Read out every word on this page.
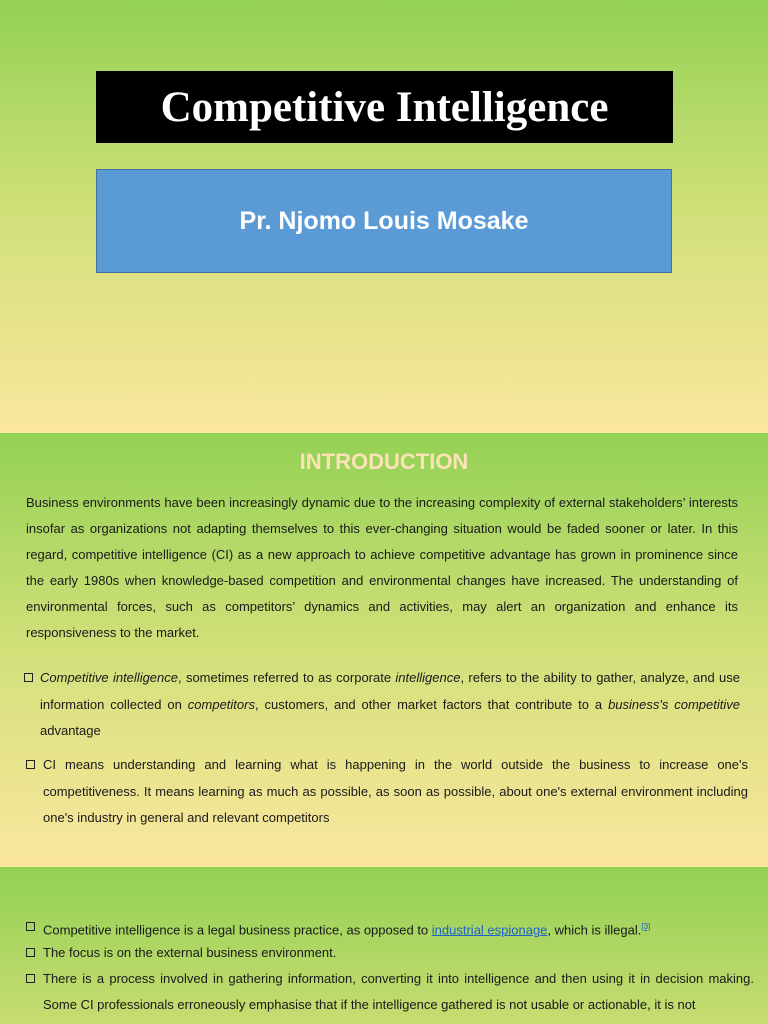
Competitive Intelligence
Pr. Njomo Louis Mosake
INTRODUCTION
Business environments have been increasingly dynamic due to the increasing complexity of external stakeholders’ interests insofar as organizations not adapting themselves to this ever-changing situation would be faded sooner or later. In this regard, competitive intelligence (CI) as a new approach to achieve competitive advantage has grown in prominence since the early 1980s when knowledge-based competition and environmental changes have increased. The understanding of environmental forces, such as competitors’ dynamics and activities, may alert an organization and enhance its responsiveness to the market.
Competitive intelligence, sometimes referred to as corporate intelligence, refers to the ability to gather, analyze, and use information collected on competitors, customers, and other market factors that contribute to a business's competitive advantage
CI means understanding and learning what is happening in the world outside the business to increase one's competitiveness. It means learning as much as possible, as soon as possible, about one's external environment including one's industry in general and relevant competitors
Competitive intelligence is a legal business practice, as opposed to industrial espionage, which is illegal.[3]
The focus is on the external business environment.
There is a process involved in gathering information, converting it into intelligence and then using it in decision making. Some CI professionals erroneously emphasise that if the intelligence gathered is not usable or actionable, it is not
